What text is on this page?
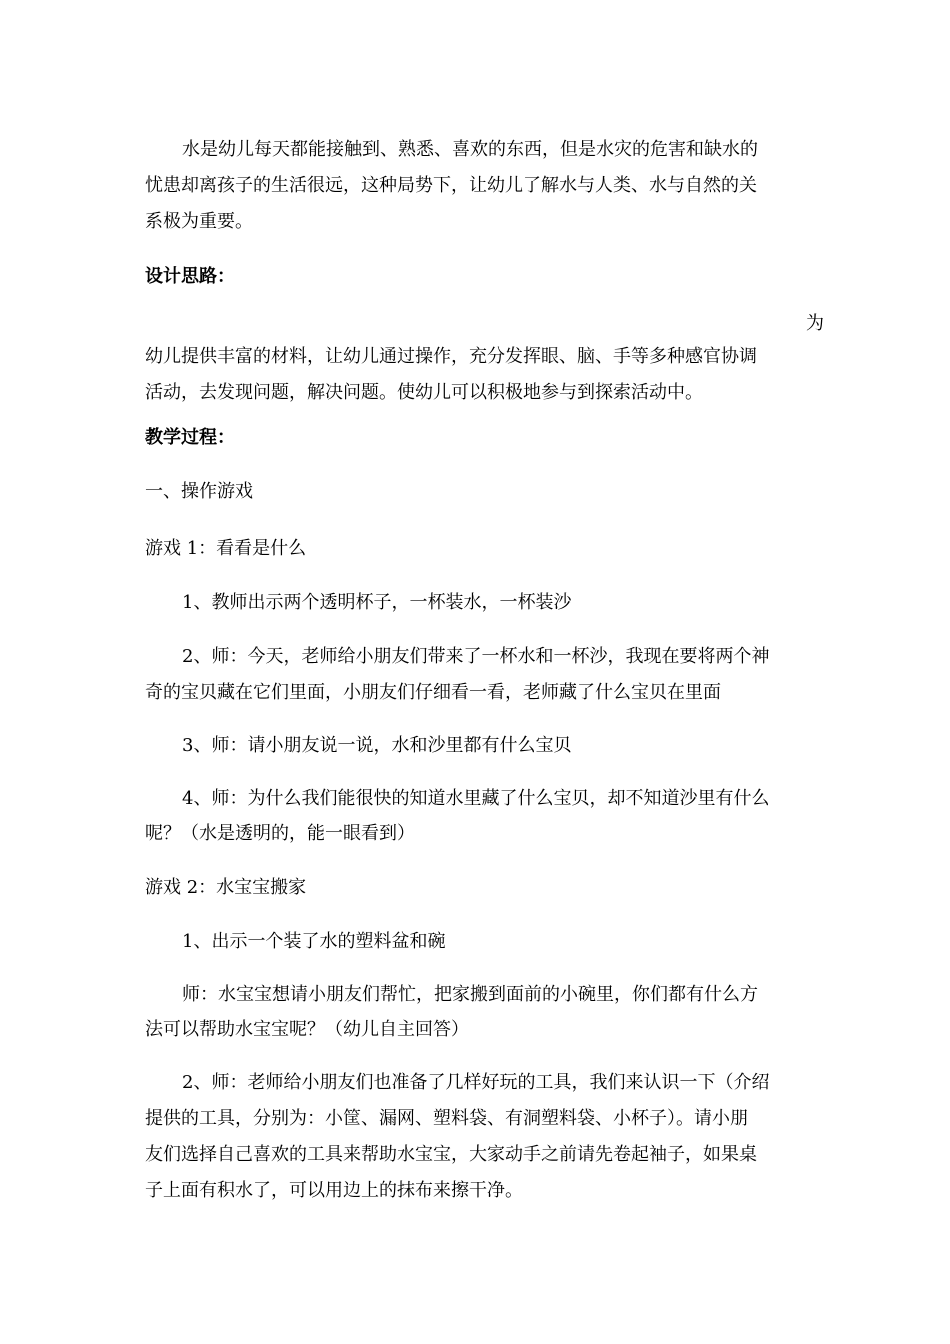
水是幼儿每天都能接触到、熟悉、喜欢的东西，但是水灾的危害和缺水的
忧患却离孩子的生活很远，这种局势下，让幼儿了解水与人类、水与自然的关
系极为重要。
设计思路：
为
幼儿提供丰富的材料，让幼儿通过操作，充分发挥眼、脑、手等多种感官协调
活动，去发现问题，解决问题。使幼儿可以积极地参与到探索活动中。
教学过程：
一、操作游戏
游戏 1：看看是什么
1、教师出示两个透明杯子，一杯装水，一杯装沙
2、师：今天，老师给小朋友们带来了一杯水和一杯沙，我现在要将两个神
奇的宝贝藏在它们里面，小朋友们仔细看一看，老师藏了什么宝贝在里面
3、师：请小朋友说一说，水和沙里都有什么宝贝
4、师：为什么我们能很快的知道水里藏了什么宝贝，却不知道沙里有什么
呢？（水是透明的，能一眼看到）
游戏 2：水宝宝搬家
1、出示一个装了水的塑料盆和碗
师：水宝宝想请小朋友们帮忙，把家搬到面前的小碗里，你们都有什么方
法可以帮助水宝宝呢？（幼儿自主回答）
2、师：老师给小朋友们也准备了几样好玩的工具，我们来认识一下（介绍
提供的工具，分别为：小筐、漏网、塑料袋、有洞塑料袋、小杯子）。请小朋
友们选择自己喜欢的工具来帮助水宝宝，大家动手之前请先卷起袖子，如果桌
子上面有积水了，可以用边上的抹布来擦干净。
